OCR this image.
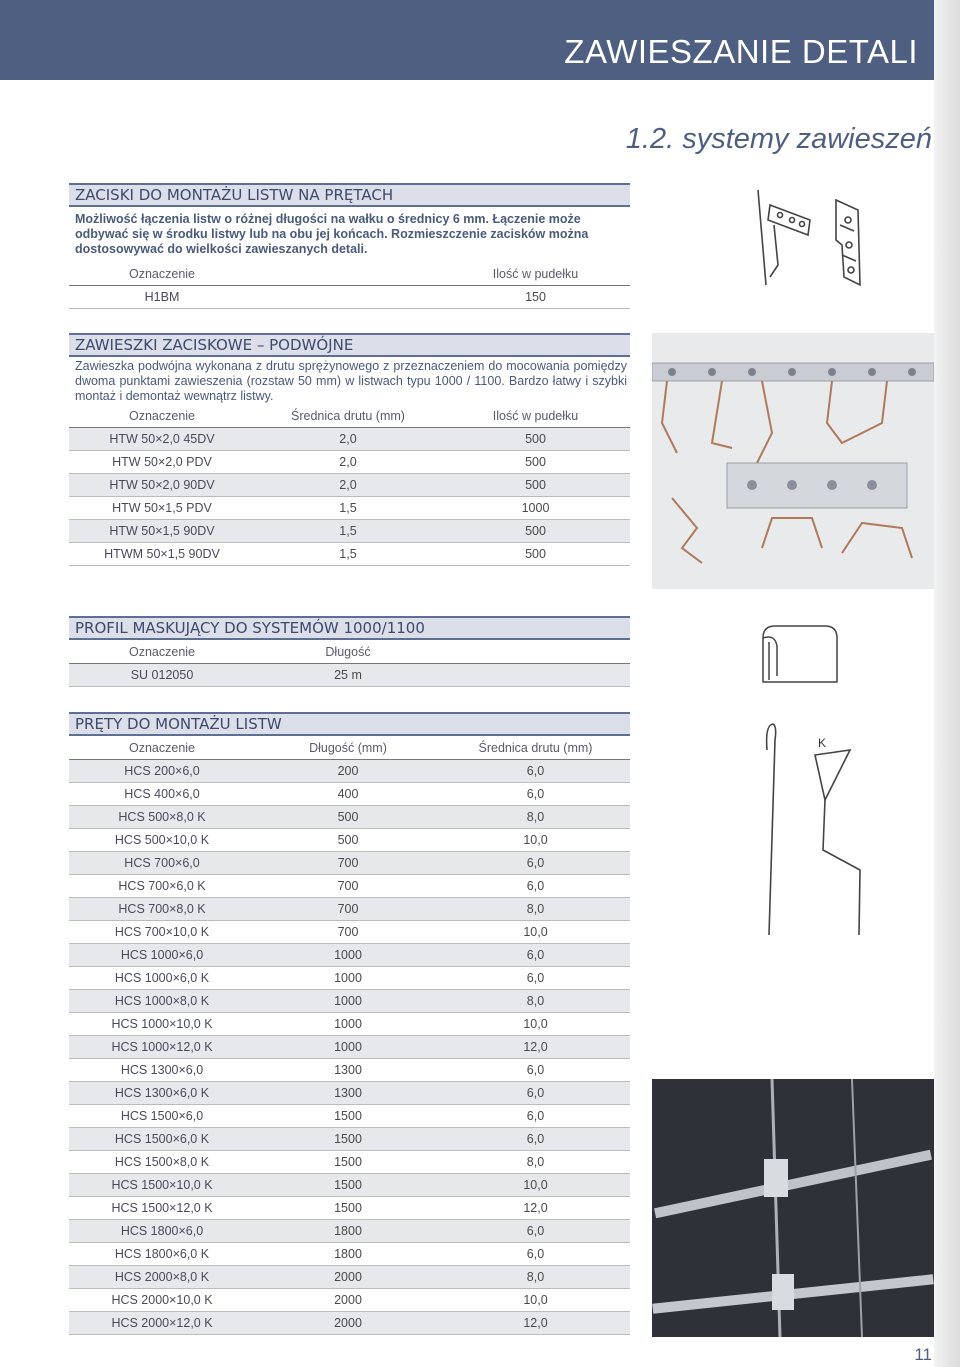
ZAWIESZANIE DETALI
1.2. systemy zawieszeń
ZACISKI DO MONTAŻU LISTW NA PRĘTACH
Możliwość łączenia listw o różnej długości na wałku o średnicy 6 mm. Łączenie może odbywać się w środku listwy lub na obu jej końcach. Rozmieszczenie zacisków można dostosowywać do wielkości zawieszanych detali.
Oznaczenie		Ilość w pudełku
H1BM		150
ZAWIESZKI ZACISKOWE – PODWÓJNE
Zawieszka podwójna wykonana z drutu sprężynowego z przeznaczeniem do mocowania pomiędzy dwoma punktami zawieszenia (rozstaw 50 mm) w listwach typu 1000 / 1100. Bardzo łatwy i szybki montaż i demontaż wewnątrz listwy.
Oznaczenie	Średnica drutu (mm)	Ilość w pudełku
HTW 50×2,0 45DV	2,0	500
HTW 50×2,0 PDV	2,0	500
HTW 50×2,0 90DV	2,0	500
HTW 50×1,5 PDV	1,5	1000
HTW 50×1,5 90DV	1,5	500
HTWM 50×1,5 90DV	1,5	500
PROFIL MASKUJĄCY DO SYSTEMÓW 1000/1100
Oznaczenie	Długość	
SU 012050	25 m	
PRĘTY DO MONTAŻU LISTW
Oznaczenie	Długość (mm)	Średnica drutu (mm)
HCS 200×6,0	200	6,0
HCS 400×6,0	400	6,0
HCS 500×8,0 K	500	8,0
HCS 500×10,0 K	500	10,0
HCS 700×6,0	700	6,0
HCS 700×6,0 K	700	6,0
HCS 700×8,0 K	700	8,0
HCS 700×10,0 K	700	10,0
HCS 1000×6,0	1000	6,0
HCS 1000×6,0 K	1000	6,0
HCS 1000×8,0 K	1000	8,0
HCS 1000×10,0 K	1000	10,0
HCS 1000×12,0 K	1000	12,0
HCS 1300×6,0	1300	6,0
HCS 1300×6,0 K	1300	6,0
HCS 1500×6,0	1500	6,0
HCS 1500×6,0 K	1500	6,0
HCS 1500×8,0 K	1500	8,0
HCS 1500×10,0 K	1500	10,0
HCS 1500×12,0 K	1500	12,0
HCS 1800×6,0	1800	6,0
HCS 1800×6,0 K	1800	6,0
HCS 2000×8,0 K	2000	8,0
HCS 2000×10,0 K	2000	10,0
HCS 2000×12,0 K	2000	12,0
K
11
